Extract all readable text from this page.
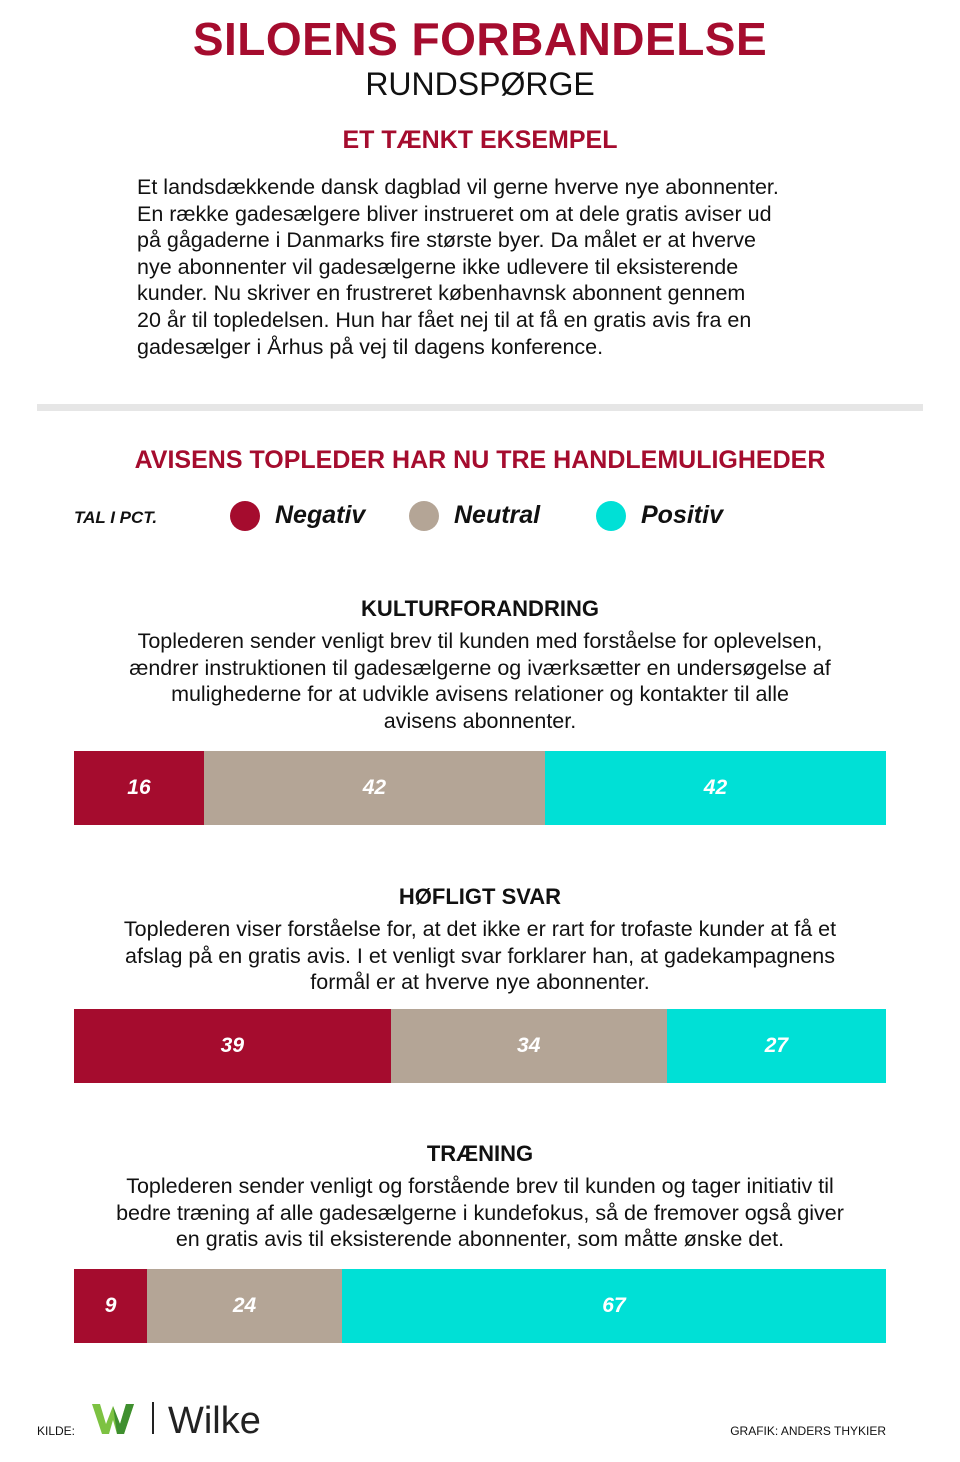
SILOENS FORBANDELSE
RUNDSPØRGE
ET TÆNKT EKSEMPEL
Et landsdækkende dansk dagblad vil gerne hverve nye abonnenter.
En række gadesælgere bliver instrueret om at dele gratis aviser ud
på gågaderne i Danmarks fire største byer. Da målet er at hverve
nye abonnenter vil gadesælgerne ikke udlevere til eksisterende
kunder. Nu skriver en frustreret københavnsk abonnent gennem
20 år til topledelsen. Hun har fået nej til at få en gratis avis fra en
gadesælger i Århus på vej til dagens konference.
AVISENS TOPLEDER HAR NU TRE HANDLEMULIGHEDER
TAL I PCT.	Negativ	Neutral	Positiv
KULTURFORANDRING
Toplederen sender venligt brev til kunden med forståelse for oplevelsen,
ændrer instruktionen til gadesælgerne og iværksætter en undersøgelse af
mulighederne for at udvikle avisens relationer og kontakter til alle
avisens abonnenter.
16	42	42
HØFLIGT SVAR
Toplederen viser forståelse for, at det ikke er rart for trofaste kunder at få et
afslag på en gratis avis. I et venligt svar forklarer han, at gadekampagnens
formål er at hverve nye abonnenter.
39	34	27
TRÆNING
Toplederen sender venligt og forstående brev til kunden og tager initiativ til
bedre træning af alle gadesælgerne i kundefokus, så de fremover også giver
en gratis avis til eksisterende abonnenter, som måtte ønske det.
9	24	67
KILDE: Wilke	GRAFIK: ANDERS THYKIER
